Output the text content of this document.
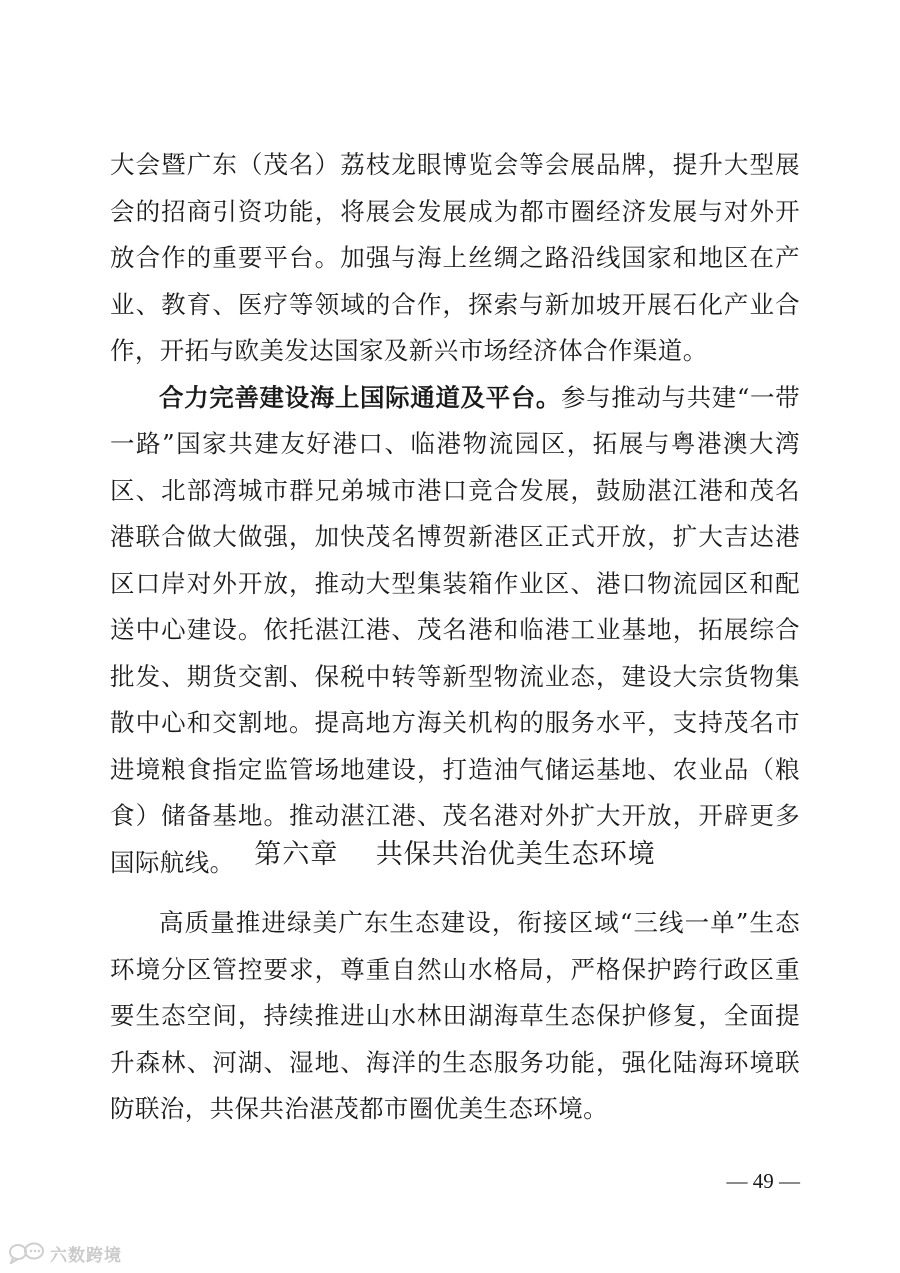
大会暨广东（茂名）荔枝龙眼博览会等会展品牌，提升大型展会的招商引资功能，将展会发展成为都市圈经济发展与对外开放合作的重要平台。加强与海上丝绸之路沿线国家和地区在产业、教育、医疗等领域的合作，探索与新加坡开展石化产业合作，开拓与欧美发达国家及新兴市场经济体合作渠道。

合力完善建设海上国际通道及平台。参与推动与共建“一带一路”国家共建友好港口、临港物流园区，拓展与粤港澳大湾区、北部湾城市群兄弟城市港口竞合发展，鼓励湛江港和茂名港联合做大做强，加快茂名博贺新港区正式开放，扩大吉达港区口岸对外开放，推动大型集装箱作业区、港口物流园区和配送中心建设。依托湛江港、茂名港和临港工业基地，拓展综合批发、期货交割、保税中转等新型物流业态，建设大宗货物集散中心和交割地。提高地方海关机构的服务水平，支持茂名市进境粮食指定监管场地建设，打造油气储运基地、农业品（粮食）储备基地。推动湛江港、茂名港对外扩大开放，开辟更多国际航线。 第六章　 共保共治优美生态环境

高质量推进绿美广东生态建设，衔接区域“三线一单”生态环境分区管控要求，尊重自然山水格局，严格保护跨行政区重要生态空间，持续推进山水林田湖海草生态保护修复，全面提升森林、河湖、湿地、海洋的生态服务功能，强化陆海环境联防联治，共保共治湛茂都市圈优美生态环境。

— 49 —
六数跨境
